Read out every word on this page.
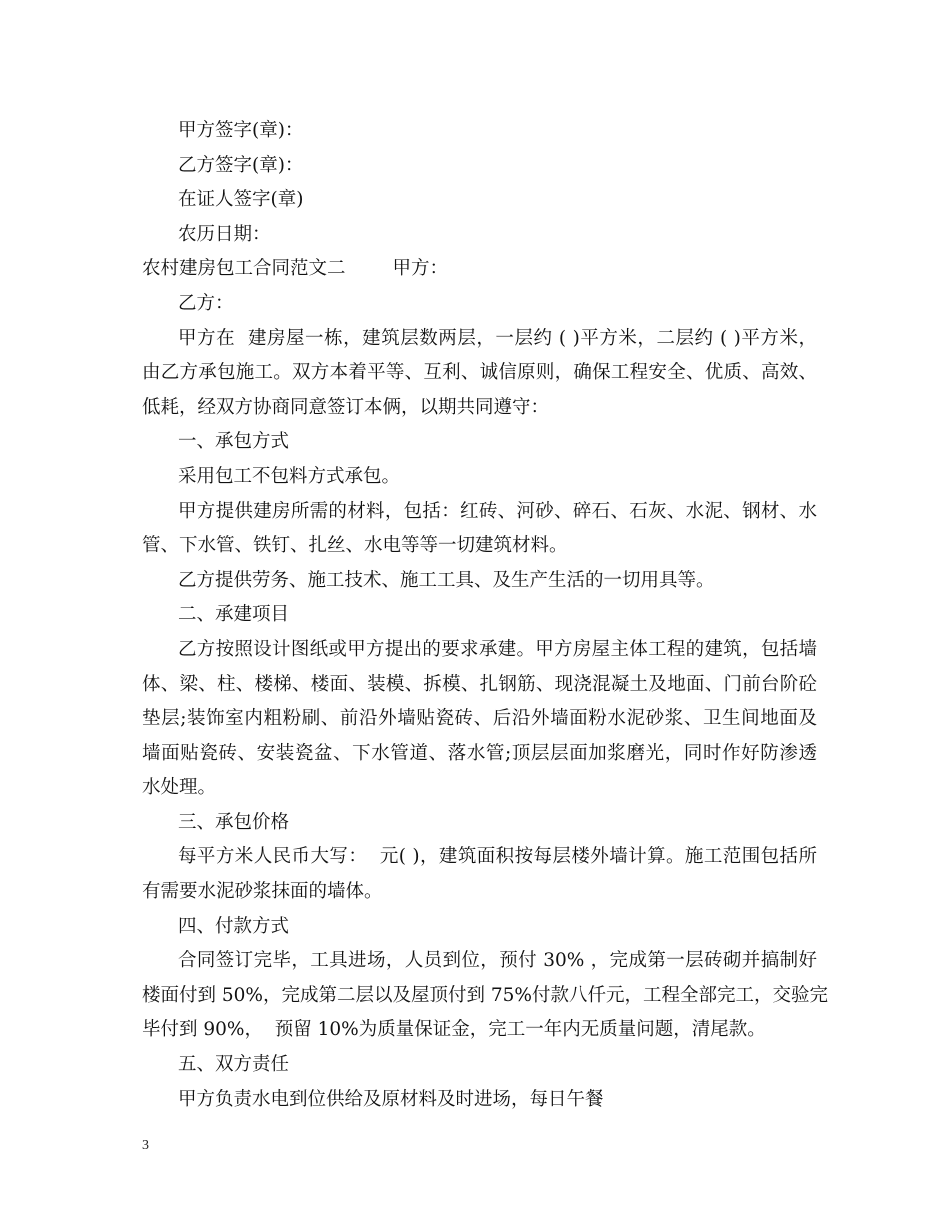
甲方签字(章)：
乙方签字(章)：
在证人签字(章)
农历日期：
农村建房包工合同范文二        甲方：
乙方：
甲方在  建房屋一栋，建筑层数两层，一层约 ( )平方米，二层约 ( )平方米，
由乙方承包施工。双方本着平等、互利、诚信原则，确保工程安全、优质、高效、
低耗，经双方协商同意签订本俩，以期共同遵守：
一、承包方式
采用包工不包料方式承包。
甲方提供建房所需的材料，包括：红砖、河砂、碎石、石灰、水泥、钢材、水
管、下水管、铁钉、扎丝、水电等等一切建筑材料。
乙方提供劳务、施工技术、施工工具、及生产生活的一切用具等。
二、承建项目
乙方按照设计图纸或甲方提出的要求承建。甲方房屋主体工程的建筑，包括墙
体、梁、柱、楼梯、楼面、装模、拆模、扎钢筋、现浇混凝土及地面、门前台阶砼
垫层;装饰室内粗粉刷、前沿外墙贴瓷砖、后沿外墙面粉水泥砂浆、卫生间地面及
墙面贴瓷砖、安装瓷盆、下水管道、落水管;顶层层面加浆磨光，同时作好防渗透
水处理。
三、承包价格
每平方米人民币大写：  元( )，建筑面积按每层楼外墙计算。施工范围包括所
有需要水泥砂浆抹面的墙体。
四、付款方式
合同签订完毕，工具进场，人员到位，预付 30% ，完成第一层砖砌并搞制好
楼面付到 50%，完成第二层以及屋顶付到 75%付款八仟元，工程全部完工，交验完
毕付到 90%，  预留 10%为质量保证金，完工一年内无质量问题，清尾款。
五、双方责任
甲方负责水电到位供给及原材料及时进场，每日午餐
3
